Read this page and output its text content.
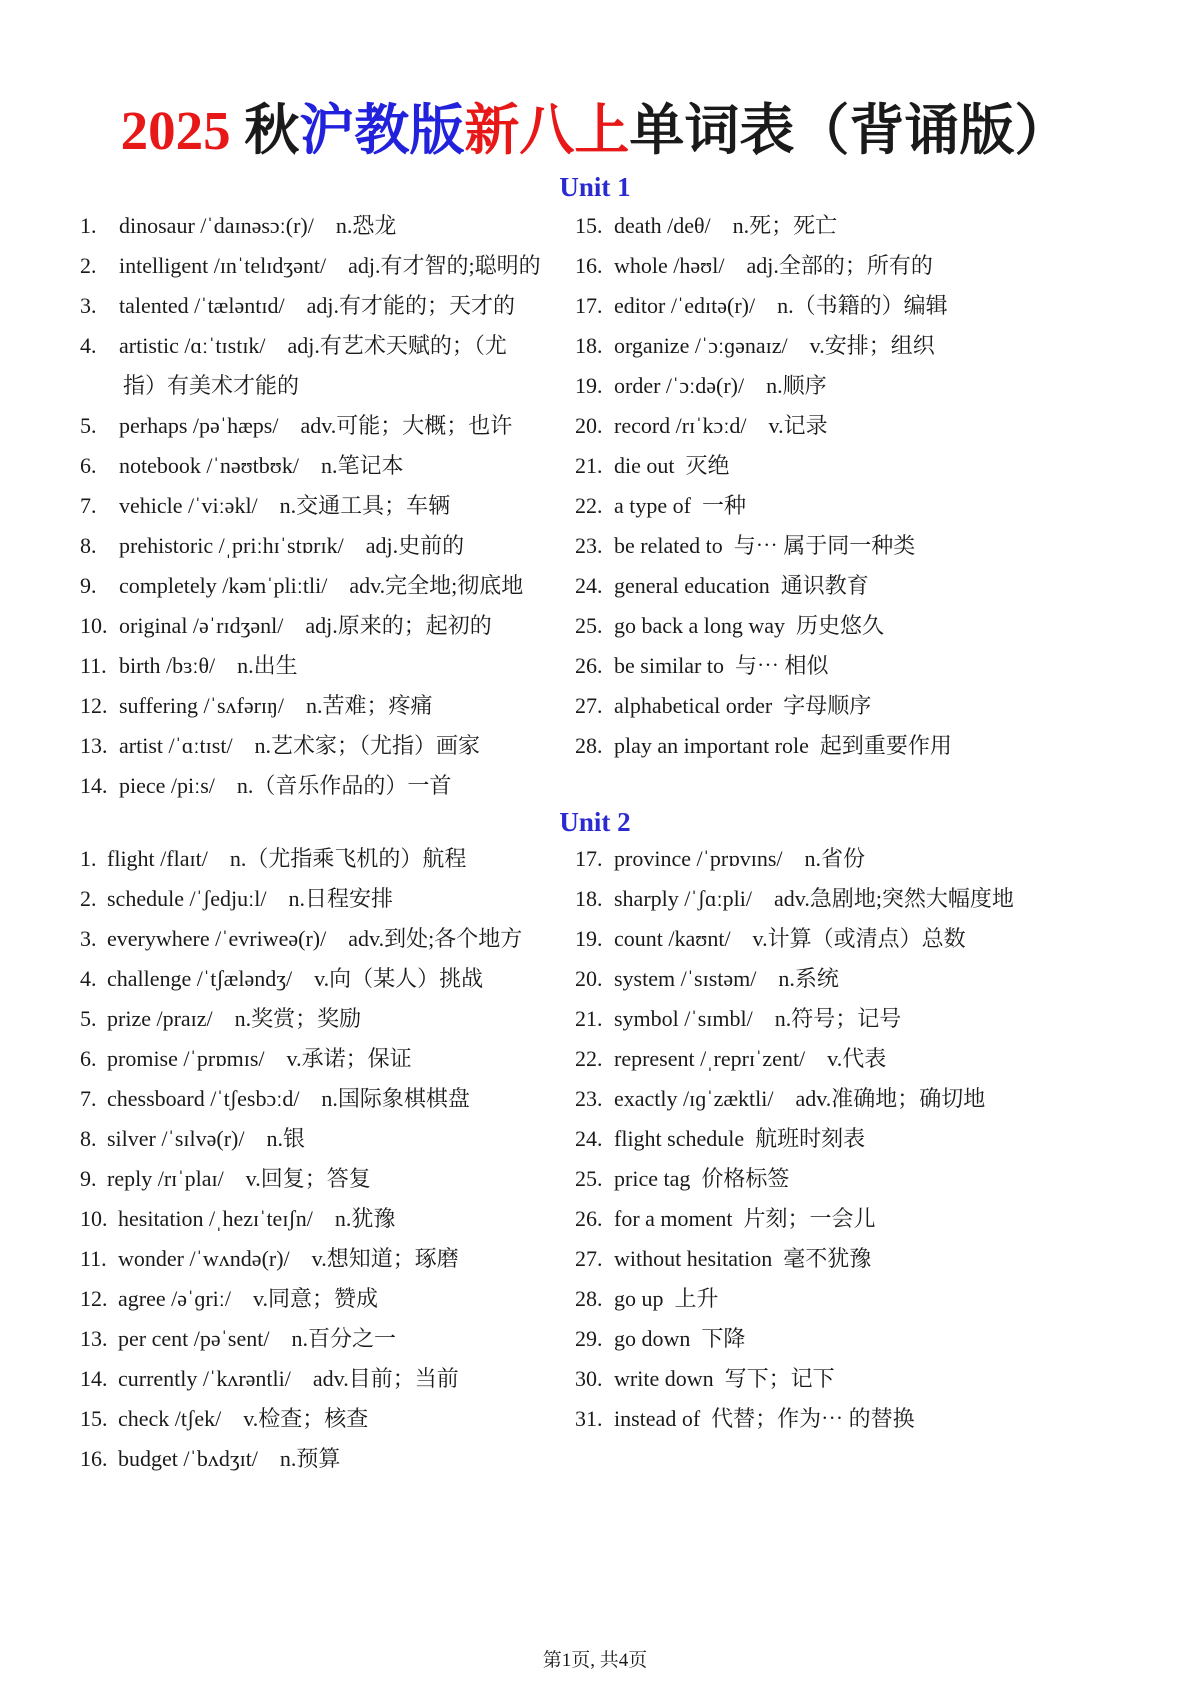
2025 秋沪教版新八上单词表（背诵版）
Unit 1
1.	dinosaur /ˈdaɪnəsɔː(r)/    n.恐龙
2.	intelligent /ɪnˈtelɪdʒənt/    adj.有才智的;聪明的
3.	talented /ˈtæləntɪd/    adj.有才能的；天才的
4.	artistic /ɑːˈtɪstɪk/    adj.有艺术天赋的；（尤
指）有美术才能的
5.	perhaps /pəˈhæps/    adv.可能；大概；也许
6.	notebook /ˈnəʊtbʊk/    n.笔记本
7.	vehicle /ˈviːəkl/    n.交通工具；车辆
8.	prehistoric /ˌpriːhɪˈstɒrɪk/    adj.史前的
9.	completely /kəmˈpliːtli/    adv.完全地;彻底地
10. original /əˈrɪdʒənl/    adj.原来的；起初的
11. birth /bɜːθ/    n.出生
12. suffering /ˈsʌfərɪŋ/    n.苦难；疼痛
13. artist /ˈɑːtɪst/    n.艺术家；（尤指）画家
14. piece /piːs/    n.（音乐作品的）一首
15. death /deθ/    n.死；死亡
16. whole /həʊl/    adj.全部的；所有的
17. editor /ˈedɪtə(r)/    n.（书籍的）编辑
18. organize /ˈɔːɡənaɪz/    v.安排；组织
19. order /ˈɔːdə(r)/    n.顺序
20. record /rɪˈkɔːd/    v.记录
21. die out  灭绝
22. a type of  一种
23. be related to  与⋯ 属于同一种类
24. general education  通识教育
25. go back a long way  历史悠久
26. be similar to  与⋯ 相似
27. alphabetical order  字母顺序
28. play an important role  起到重要作用
Unit 2
1. flight /flaɪt/    n.（尤指乘飞机的）航程
2. schedule /ˈʃedjuːl/    n.日程安排
3. everywhere /ˈevriweə(r)/    adv.到处;各个地方
4. challenge /ˈtʃæləndʒ/    v.向（某人）挑战
5. prize /praɪz/    n.奖赏；奖励
6. promise /ˈprɒmɪs/    v.承诺；保证
7. chessboard /ˈtʃesbɔːd/    n.国际象棋棋盘
8. silver /ˈsɪlvə(r)/    n.银
9. reply /rɪˈplaɪ/    v.回复；答复
10. hesitation /ˌhezɪˈteɪʃn/    n.犹豫
11. wonder /ˈwʌndə(r)/    v.想知道；琢磨
12. agree /əˈɡriː/    v.同意；赞成
13. per cent /pəˈsent/    n.百分之一
14. currently /ˈkʌrəntli/    adv.目前；当前
15. check /tʃek/    v.检查；核查
16. budget /ˈbʌdʒɪt/    n.预算
17. province /ˈprɒvɪns/    n.省份
18. sharply /ˈʃɑːpli/    adv.急剧地;突然大幅度地
19. count /kaʊnt/    v.计算（或清点）总数
20. system /ˈsɪstəm/    n.系统
21. symbol /ˈsɪmbl/    n.符号；记号
22. represent /ˌreprɪˈzent/    v.代表
23. exactly /ɪɡˈzæktli/    adv.准确地；确切地
24. flight schedule  航班时刻表
25. price tag  价格标签
26. for a moment  片刻；一会儿
27. without hesitation  毫不犹豫
28. go up  上升
29. go down  下降
30. write down  写下；记下
31. instead of  代替；作为⋯ 的替换
第1页, 共4页
